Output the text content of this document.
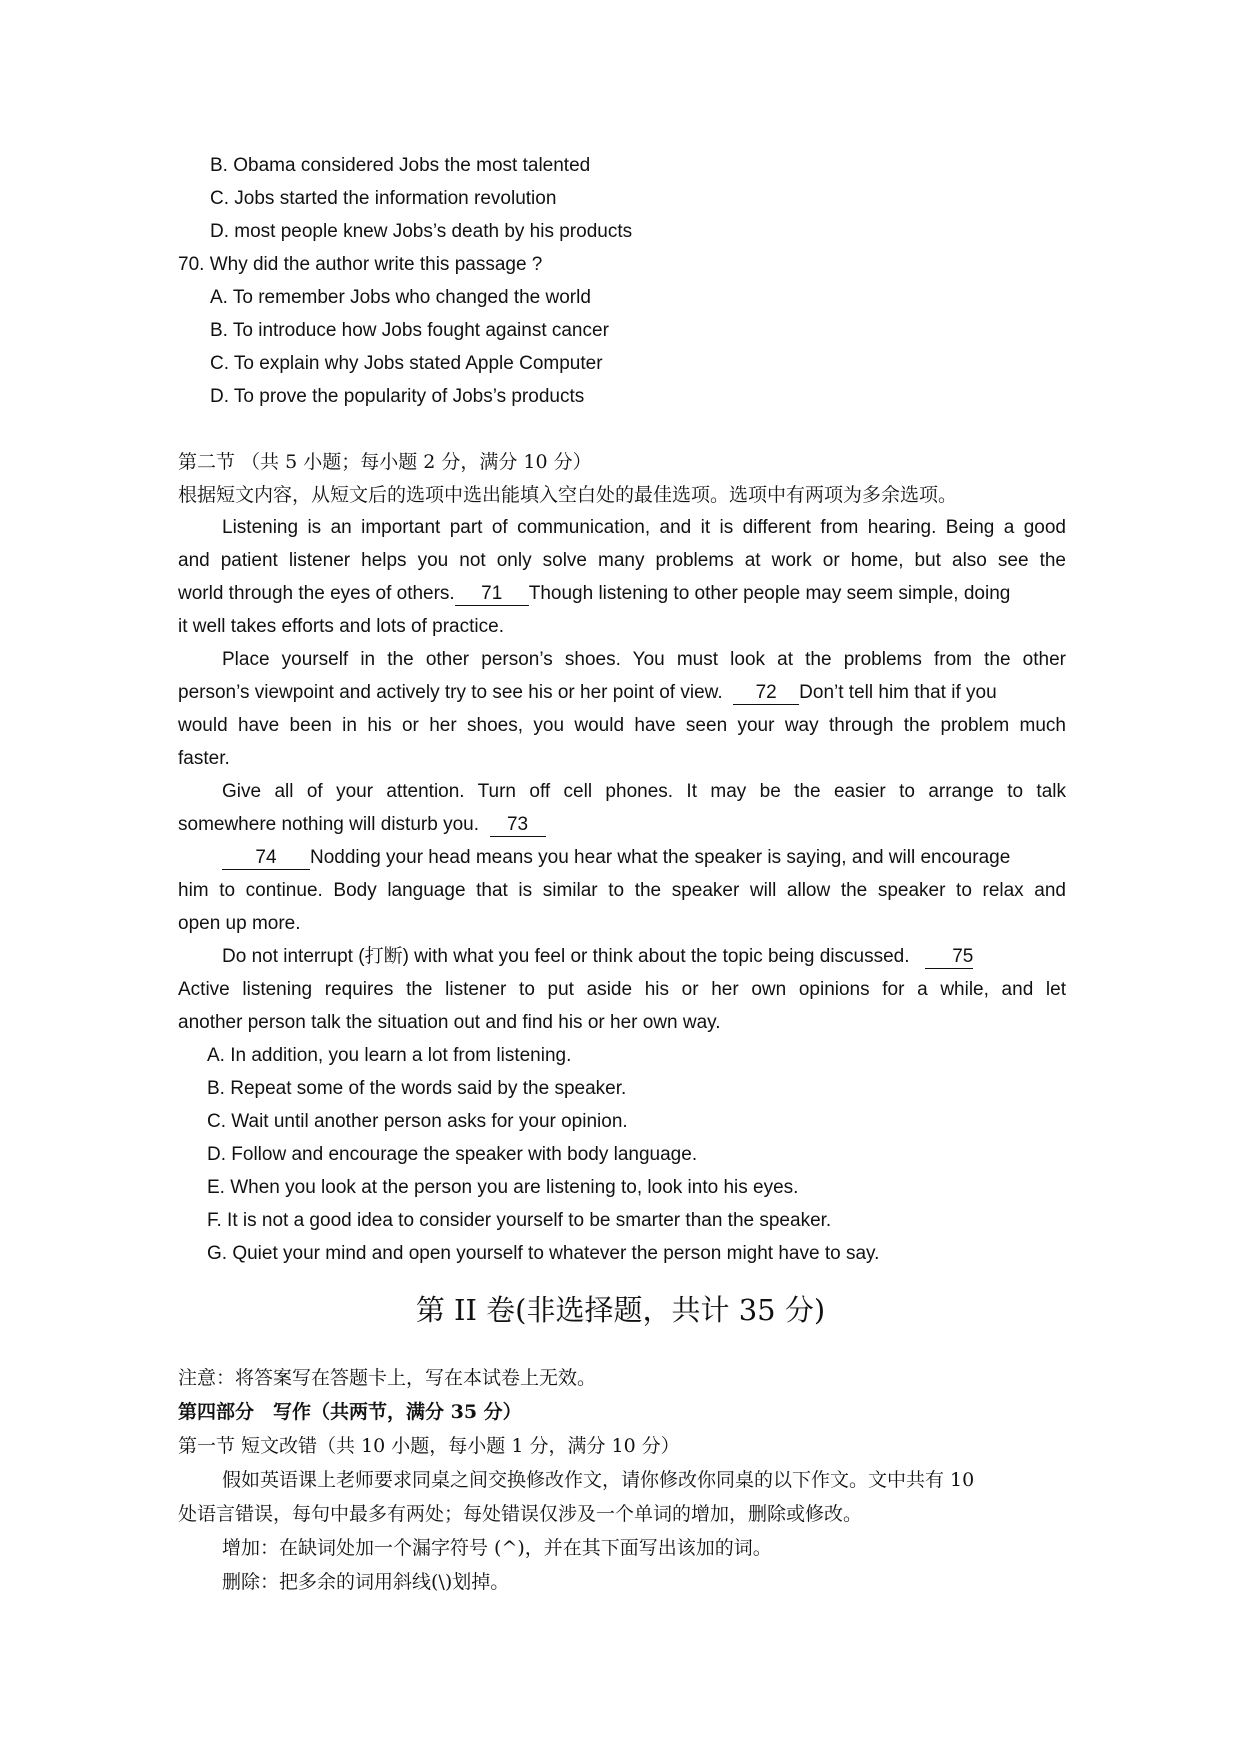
B. Obama considered Jobs the most talented
C. Jobs started the information revolution
D. most people knew Jobs’s death by his products
70. Why did the author write this passage ?
A. To remember Jobs who changed the world
B. To introduce how Jobs fought against cancer
C. To explain why Jobs stated Apple Computer
D. To prove the popularity of Jobs’s products
第二节 （共 5 小题；每小题 2 分，满分 10 分）
根据短文内容，从短文后的选项中选出能填入空白处的最佳选项。选项中有两项为多余选项。
Listening is an important part of communication, and it is different from hearing. Being a good
and patient listener helps you not only solve many problems at work or home, but also see the
world through the eyes of others. 71 Though listening to other people may seem simple, doing
it well takes efforts and lots of practice.
Place yourself in the other person’s shoes. You must look at the problems from the other
person’s viewpoint and actively try to see his or her point of view. 72 Don’t tell him that if you
would have been in his or her shoes, you would have seen your way through the problem much
faster.
Give all of your attention. Turn off cell phones. It may be the easier to arrange to talk
somewhere nothing will disturb you. 73
74 Nodding your head means you hear what the speaker is saying, and will encourage
him to continue. Body language that is similar to the speaker will allow the speaker to relax and
open up more.
Do not interrupt (打断) with what you feel or think about the topic being discussed. 75
Active listening requires the listener to put aside his or her own opinions for a while, and let
another person talk the situation out and find his or her own way.
A. In addition, you learn a lot from listening.
B. Repeat some of the words said by the speaker.
C. Wait until another person asks for your opinion.
D. Follow and encourage the speaker with body language.
E. When you look at the person you are listening to, look into his eyes.
F. It is not a good idea to consider yourself to be smarter than the speaker.
G. Quiet your mind and open yourself to whatever the person might have to say.
第 II 卷(非选择题，共计 35 分)
注意：将答案写在答题卡上，写在本试卷上无效。
第四部分　写作（共两节，满分 35 分）
第一节 短文改错（共 10 小题，每小题 1 分，满分 10 分）
假如英语课上老师要求同桌之间交换修改作文，请你修改你同桌的以下作文。文中共有 10
处语言错误，每句中最多有两处；每处错误仅涉及一个单词的增加，删除或修改。
增加：在缺词处加一个漏字符号 (^)，并在其下面写出该加的词。
删除：把多余的词用斜线(\)划掉。
